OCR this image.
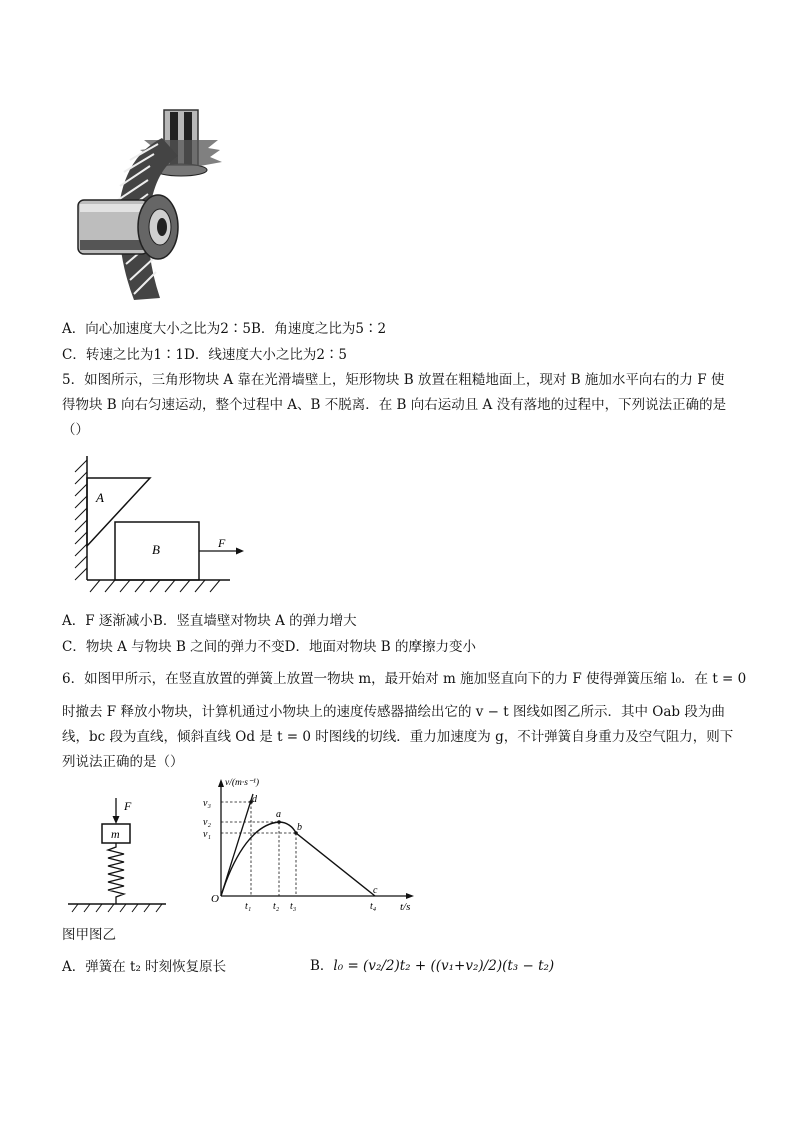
A．向心加速度大小之比为2∶5B．角速度之比为5∶2
C．转速之比为1∶1D．线速度大小之比为2∶5
5．如图所示，三角形物块 A 靠在光滑墙壁上，矩形物块 B 放置在粗糙地面上，现对 B 施加水平向右的力 F 使
得物块 B 向右匀速运动，整个过程中 A、B 不脱离．在 B 向右运动且 A 没有落地的过程中，下列说法正确的是
（）
A
B	F
A．F 逐渐减小B．竖直墙壁对物块 A 的弹力增大
C．物块 A 与物块 B 之间的弹力不变D．地面对物块 B 的摩擦力变小
6．如图甲所示，在竖直放置的弹簧上放置一物块 m，最开始对 m 施加竖直向下的力 F 使得弹簧压缩 l₀．在 t = 0
时撤去 F 释放小物块，计算机通过小物块上的速度传感器描绘出它的 v − t 图线如图乙所示．其中 Oab 段为曲
线，bc 段为直线，倾斜直线 Od 是 t = 0 时图线的切线．重力加速度为 g，不计弹簧自身重力及空气阻力，则下
列说法正确的是（）
F
m
v/(m·s⁻¹)
t/s
O
v₃
v₂
v₁
t₁ t₂ t₃	t₄
d
a
b
c
图甲图乙
A．弹簧在 t₂ 时刻恢复原长	B．l₀ = (v₂/2)t₂ + ((v₁+v₂)/2)(t₃ − t₂)
